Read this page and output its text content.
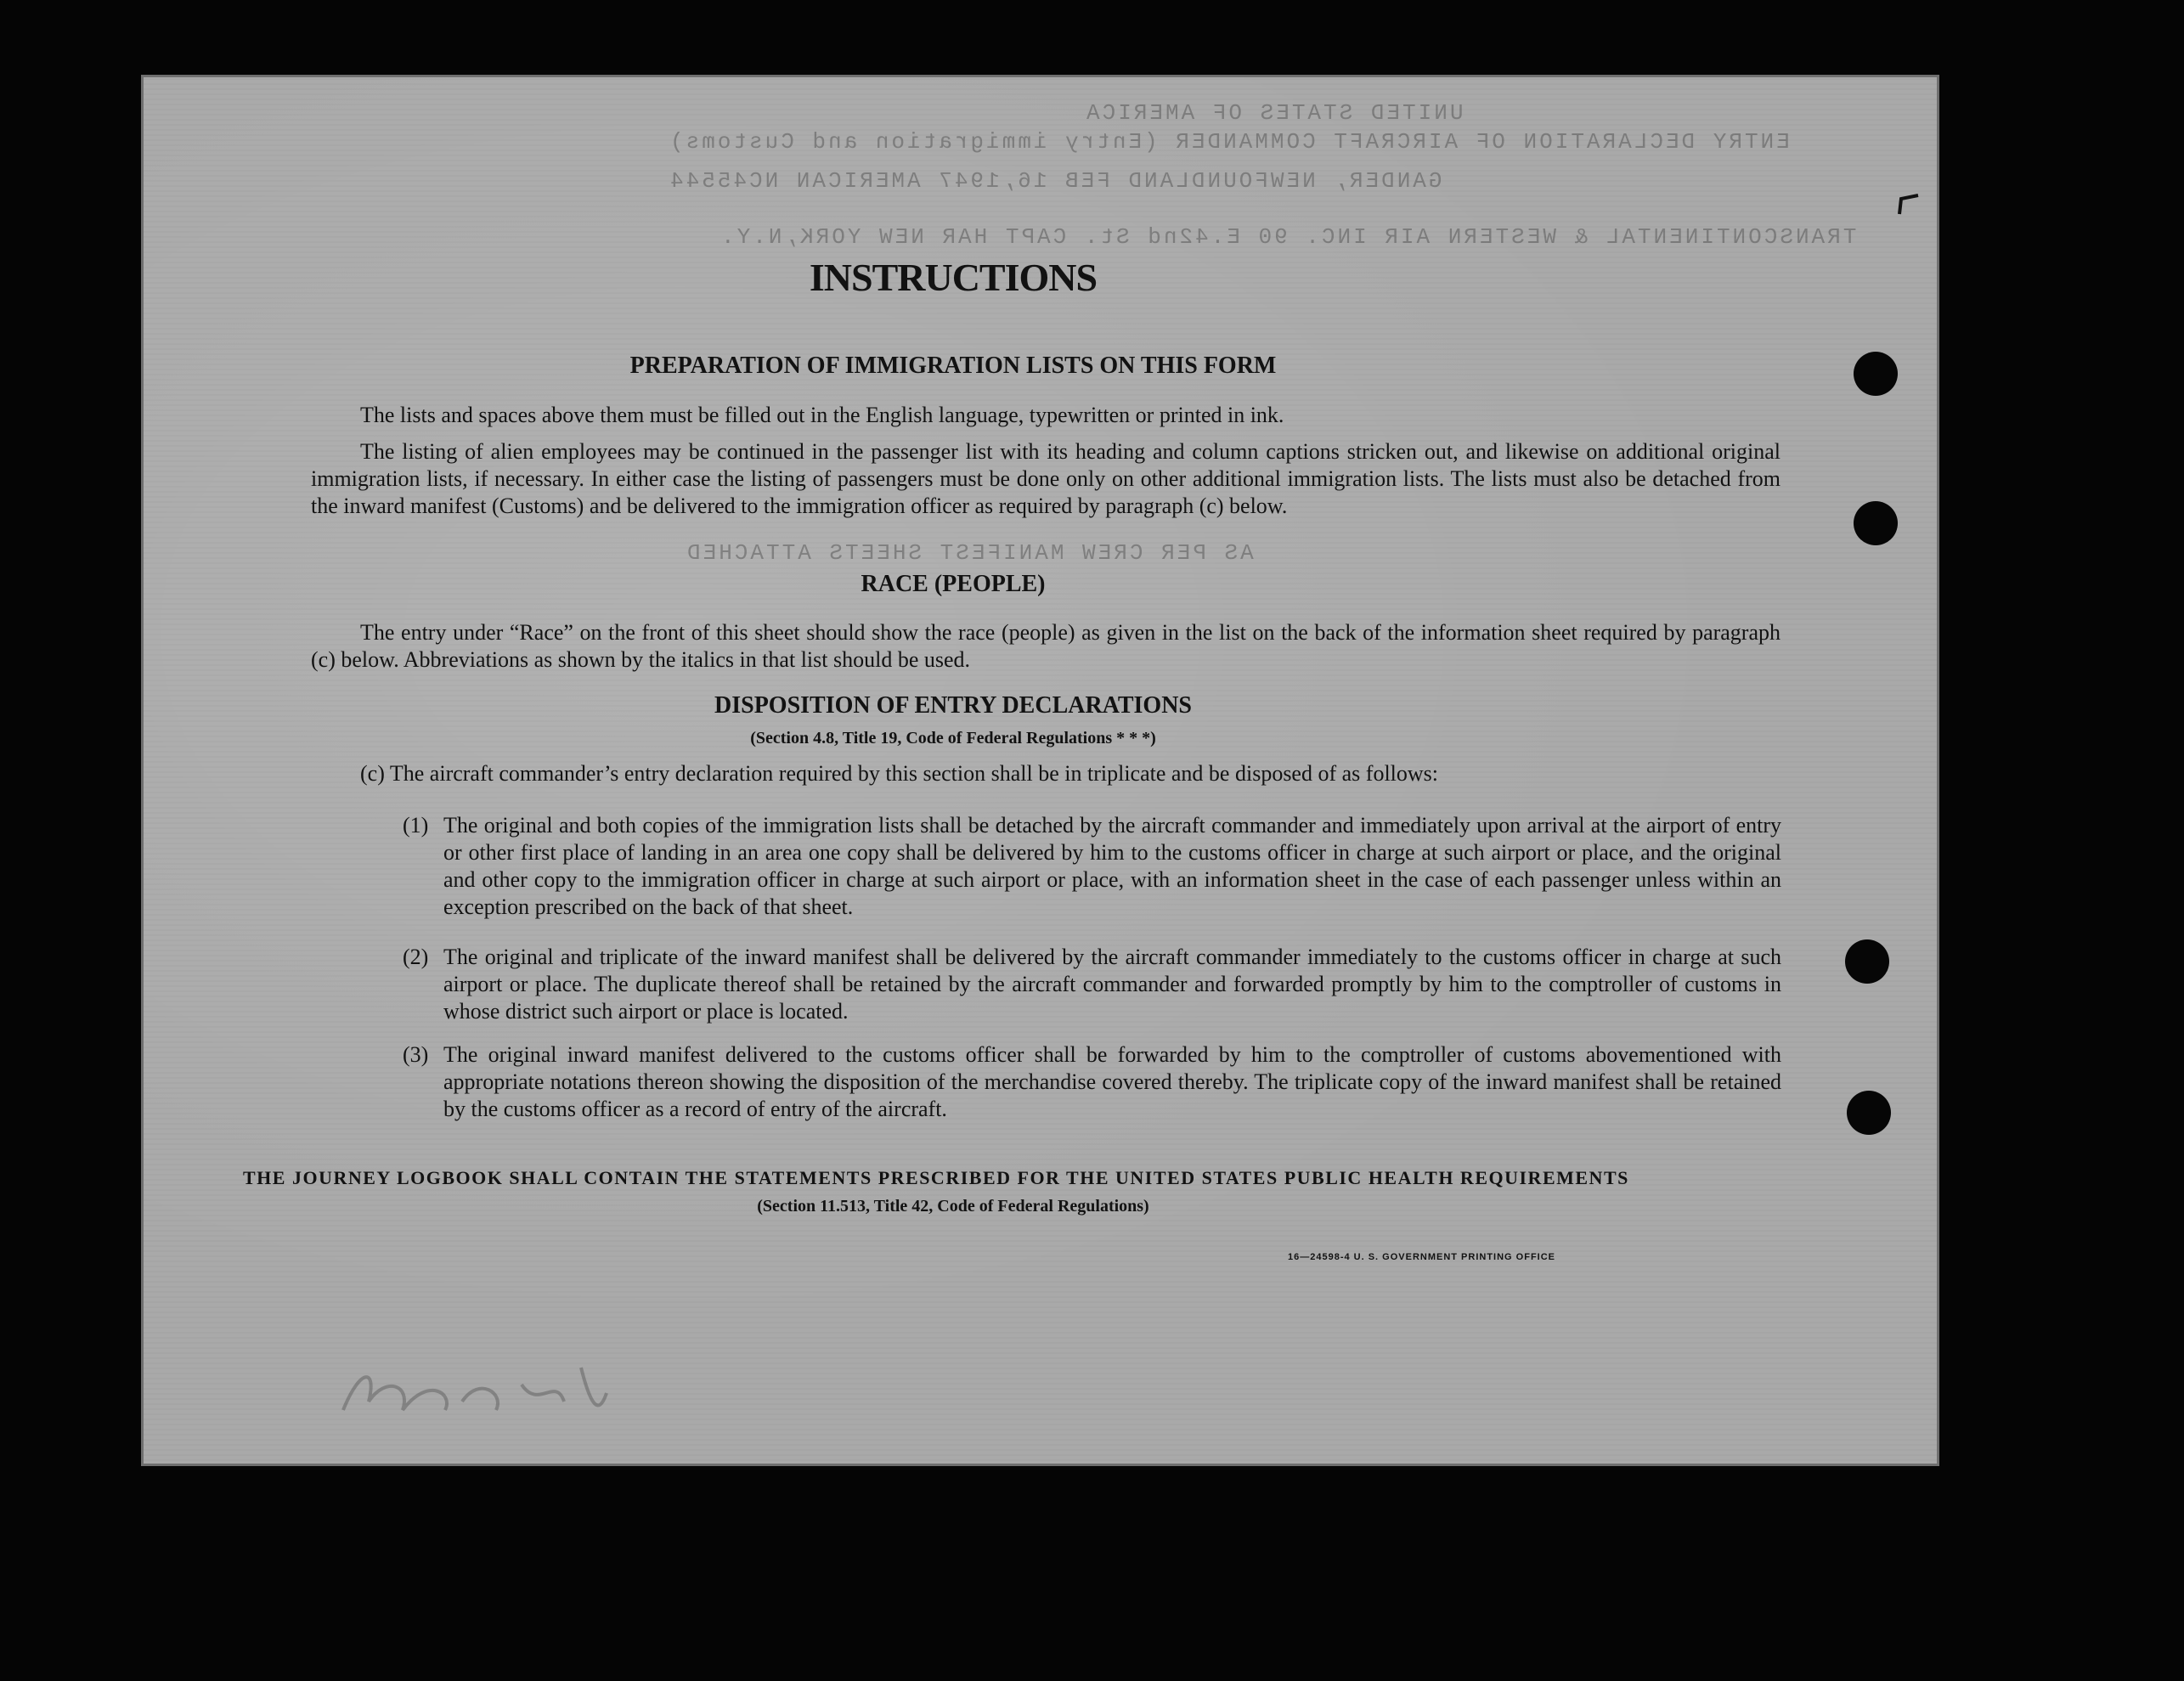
UNITED STATES OF AMERICA
ENTRY DECLARATION OF AIRCRAFT COMMANDER (Entry immigration and Customs)
GANDER, NEWFOUNDLAND FEB 16,1947 AMERICAN NC45544
TRANSCONTINENTAL & WESTERN AIR INC. 90 E.42nd St. CAPT HAR NEW YORK,N.Y.
AS PER CREW MANIFEST SHEETS ATTACHED
INSTRUCTIONS
PREPARATION OF IMMIGRATION LISTS ON THIS FORM
The lists and spaces above them must be filled out in the English language, typewritten or printed in ink.
The listing of alien employees may be continued in the passenger list with its heading and column captions stricken out, and likewise on additional original immigration lists, if necessary. In either case the listing of passengers must be done only on other additional immigration lists. The lists must also be detached from the inward manifest (Customs) and be delivered to the immigration officer as required by paragraph (c) below.
RACE (PEOPLE)
The entry under “Race” on the front of this sheet should show the race (people) as given in the list on the back of the information sheet required by paragraph (c) below. Abbreviations as shown by the italics in that list should be used.
DISPOSITION OF ENTRY DECLARATIONS
(Section 4.8, Title 19, Code of Federal Regulations * * *)
(c) The aircraft commander’s entry declaration required by this section shall be in triplicate and be disposed of as follows:
(1) The original and both copies of the immigration lists shall be detached by the aircraft commander and immediately upon arrival at the airport of entry or other first place of landing in an area one copy shall be delivered by him to the customs officer in charge at such airport or place, and the original and other copy to the immigration officer in charge at such airport or place, with an information sheet in the case of each passenger unless within an exception prescribed on the back of that sheet.
(2) The original and triplicate of the inward manifest shall be delivered by the aircraft commander immediately to the customs officer in charge at such airport or place. The duplicate thereof shall be retained by the aircraft commander and forwarded promptly by him to the comptroller of customs in whose district such airport or place is located.
(3) The original inward manifest delivered to the customs officer shall be forwarded by him to the comptroller of customs abovementioned with appropriate notations thereon showing the disposition of the merchandise covered thereby. The triplicate copy of the inward manifest shall be retained by the customs officer as a record of entry of the aircraft.
THE JOURNEY LOGBOOK SHALL CONTAIN THE STATEMENTS PRESCRIBED FOR THE UNITED STATES PUBLIC HEALTH REQUIREMENTS
(Section 11.513, Title 42, Code of Federal Regulations)
16—24598-4 U. S. GOVERNMENT PRINTING OFFICE
